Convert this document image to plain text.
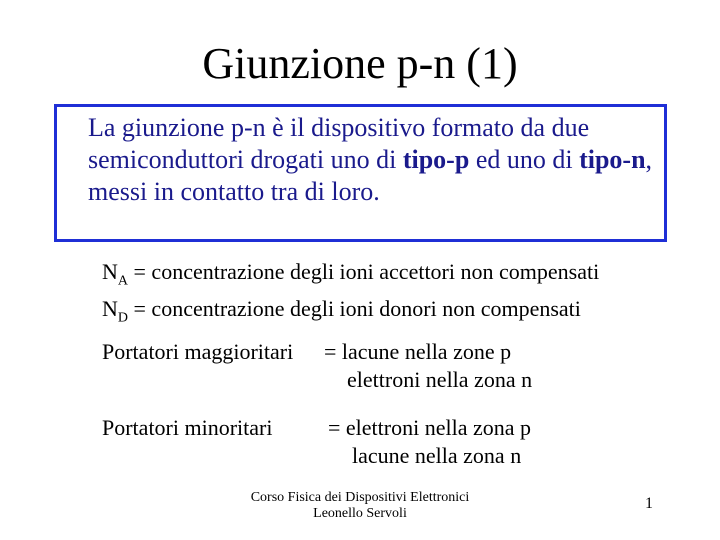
Giunzione p-n (1)
La giunzione p-n è il dispositivo formato da due semiconduttori drogati uno di tipo-p ed uno di tipo-n, messi in contatto tra di loro.
$N_A$ = concentrazione degli ioni accettori non compensati
$N_D$ = concentrazione degli ioni donori non compensati
Portatori maggioritari = lacune nella zone p
elettroni nella zona n
Portatori minoritari	= elettroni nella zona p
lacune nella zona n
Corso Fisica dei Dispositivi Elettronici
Leonello Servoli
1
